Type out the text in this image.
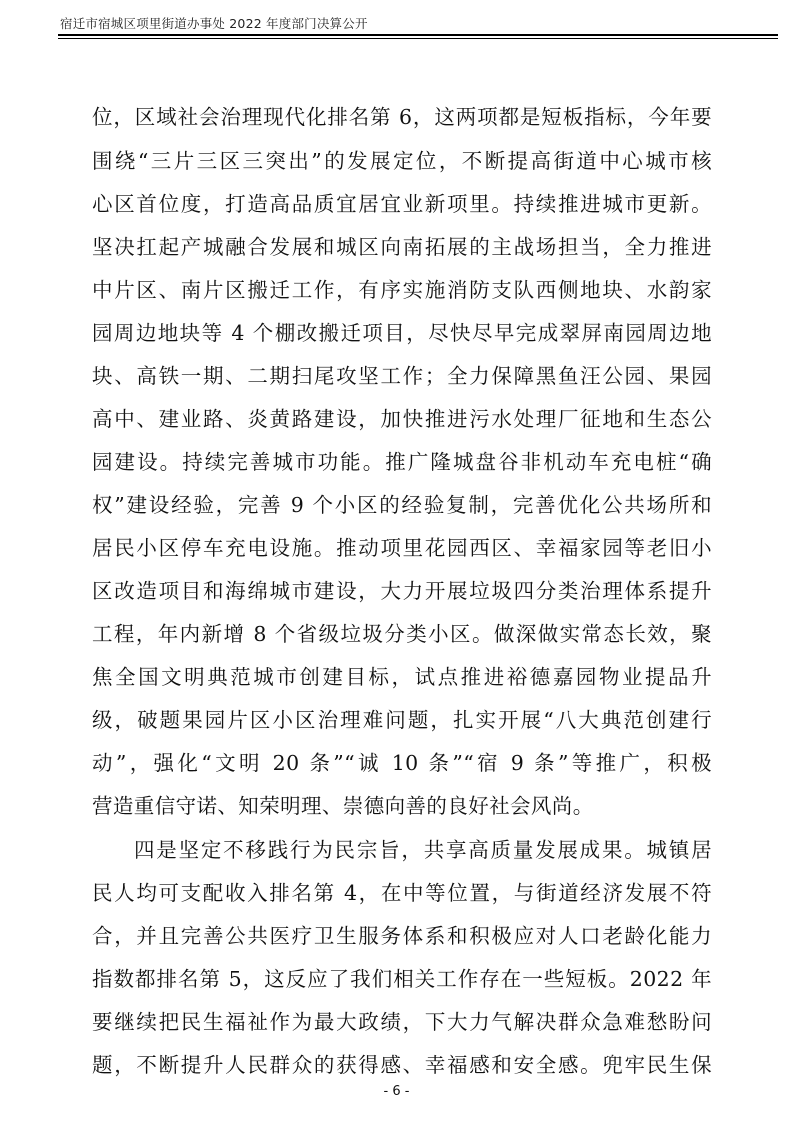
宿迁市宿城区项里街道办事处 2022 年度部门决算公开
位，区域社会治理现代化排名第 6，这两项都是短板指标，今年要
围绕“三片三区三突出”的发展定位，不断提高街道中心城市核
心区首位度，打造高品质宜居宜业新项里。持续推进城市更新。
坚决扛起产城融合发展和城区向南拓展的主战场担当，全力推进
中片区、南片区搬迁工作，有序实施消防支队西侧地块、水韵家
园周边地块等 4 个棚改搬迁项目，尽快尽早完成翠屏南园周边地
块、高铁一期、二期扫尾攻坚工作；全力保障黑鱼汪公园、果园
高中、建业路、炎黄路建设，加快推进污水处理厂征地和生态公
园建设。持续完善城市功能。推广隆城盘谷非机动车充电桩“确
权”建设经验，完善 9 个小区的经验复制，完善优化公共场所和
居民小区停车充电设施。推动项里花园西区、幸福家园等老旧小
区改造项目和海绵城市建设，大力开展垃圾四分类治理体系提升
工程，年内新增 8 个省级垃圾分类小区。做深做实常态长效，聚
焦全国文明典范城市创建目标，试点推进裕德嘉园物业提品升
级，破题果园片区小区治理难问题，扎实开展“八大典范创建行
动”，强化“文明 20 条”“诚 10 条”“宿 9 条”等推广，积极
营造重信守诺、知荣明理、崇德向善的良好社会风尚。
四是坚定不移践行为民宗旨，共享高质量发展成果。城镇居
民人均可支配收入排名第 4，在中等位置，与街道经济发展不符
合，并且完善公共医疗卫生服务体系和积极应对人口老龄化能力
指数都排名第 5，这反应了我们相关工作存在一些短板。2022 年
要继续把民生福祉作为最大政绩，下大力气解决群众急难愁盼问
题，不断提升人民群众的获得感、幸福感和安全感。兜牢民生保
- 6 -
